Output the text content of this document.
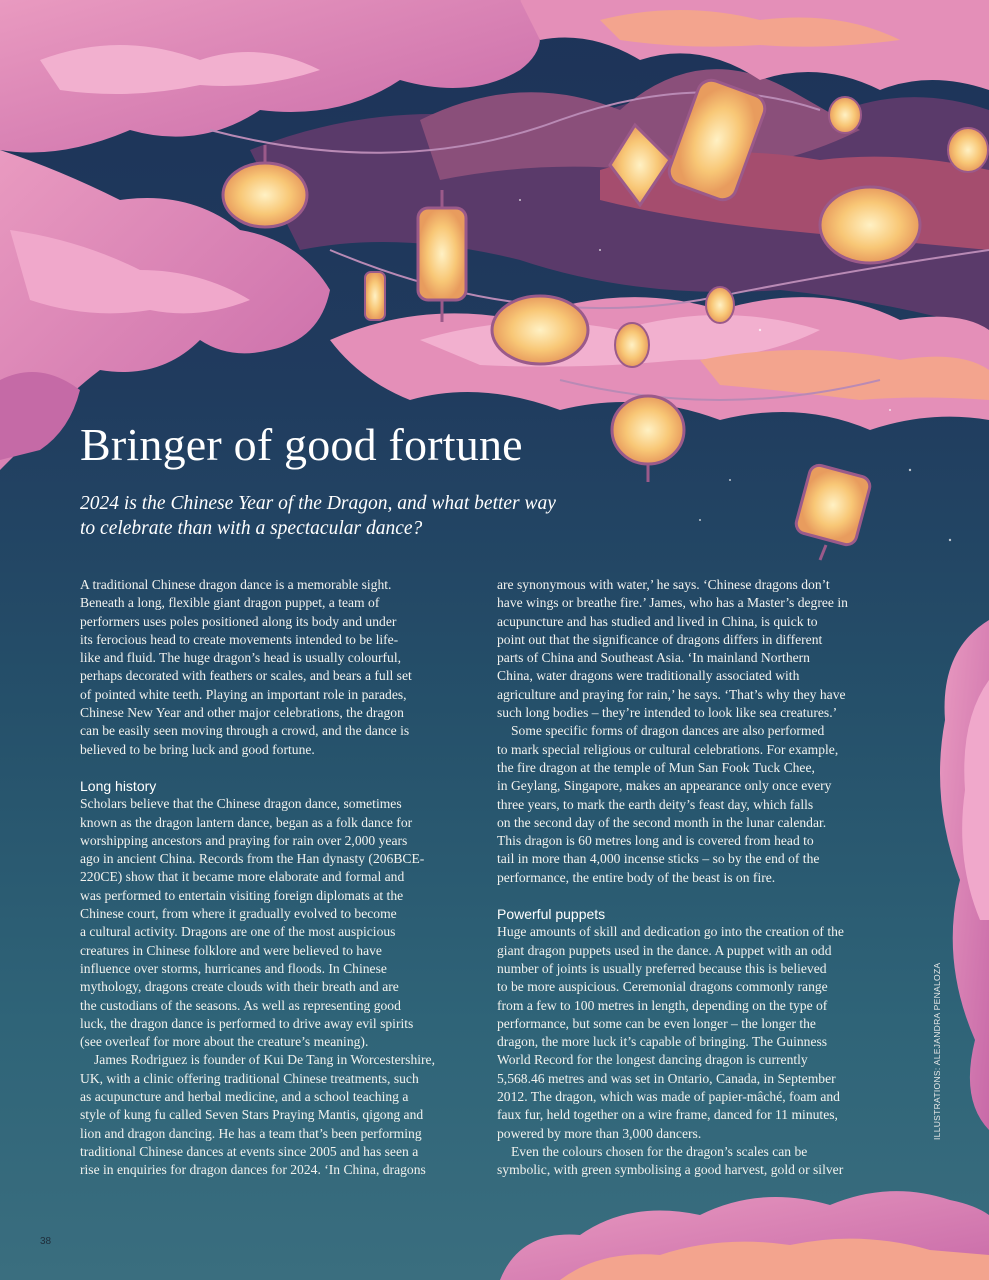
Bringer of good fortune

2024 is the Chinese Year of the Dragon, and what better way
to celebrate than with a spectacular dance?

A traditional Chinese dragon dance is a memorable sight.
Beneath a long, flexible giant dragon puppet, a team of
performers uses poles positioned along its body and under
its ferocious head to create movements intended to be life-
like and fluid. The huge dragon’s head is usually colourful,
perhaps decorated with feathers or scales, and bears a full set
of pointed white teeth. Playing an important role in parades,
Chinese New Year and other major celebrations, the dragon
can be easily seen moving through a crowd, and the dance is
believed to be bring luck and good fortune.

Long history

Scholars believe that the Chinese dragon dance, sometimes
known as the dragon lantern dance, began as a folk dance for
worshipping ancestors and praying for rain over 2,000 years
ago in ancient China. Records from the Han dynasty (206BCE-
220CE) show that it became more elaborate and formal and
was performed to entertain visiting foreign diplomats at the
Chinese court, from where it gradually evolved to become
a cultural activity. Dragons are one of the most auspicious
creatures in Chinese folklore and were believed to have
influence over storms, hurricanes and floods. In Chinese
mythology, dragons create clouds with their breath and are
the custodians of the seasons. As well as representing good
luck, the dragon dance is performed to drive away evil spirits
(see overleaf for more about the creature’s meaning).

James Rodriguez is founder of Kui De Tang in Worcestershire,
UK, with a clinic offering traditional Chinese treatments, such
as acupuncture and herbal medicine, and a school teaching a
style of kung fu called Seven Stars Praying Mantis, qigong and
lion and dragon dancing. He has a team that’s been performing
traditional Chinese dances at events since 2005 and has seen a
rise in enquiries for dragon dances for 2024. ‘In China, dragons

are synonymous with water,’ he says. ‘Chinese dragons don’t
have wings or breathe fire.’ James, who has a Master’s degree in
acupuncture and has studied and lived in China, is quick to
point out that the significance of dragons differs in different
parts of China and Southeast Asia. ‘In mainland Northern
China, water dragons were traditionally associated with
agriculture and praying for rain,’ he says. ‘That’s why they have
such long bodies – they’re intended to look like sea creatures.’

Some specific forms of dragon dances are also performed
to mark special religious or cultural celebrations. For example,
the fire dragon at the temple of Mun San Fook Tuck Chee,
in Geylang, Singapore, makes an appearance only once every
three years, to mark the earth deity’s feast day, which falls
on the second day of the second month in the lunar calendar.
This dragon is 60 metres long and is covered from head to
tail in more than 4,000 incense sticks – so by the end of the
performance, the entire body of the beast is on fire.

Powerful puppets

Huge amounts of skill and dedication go into the creation of the
giant dragon puppets used in the dance. A puppet with an odd
number of joints is usually preferred because this is believed
to be more auspicious. Ceremonial dragons commonly range
from a few to 100 metres in length, depending on the type of
performance, but some can be even longer – the longer the
dragon, the more luck it’s capable of bringing. The Guinness
World Record for the longest dancing dragon is currently
5,568.46 metres and was set in Ontario, Canada, in September
2012. The dragon, which was made of papier-mâché, foam and
faux fur, held together on a wire frame, danced for 11 minutes,
powered by more than 3,000 dancers.

Even the colours chosen for the dragon’s scales can be
symbolic, with green symbolising a good harvest, gold or silver

ILLUSTRATIONS: ALEJANDRA PENALOZA
38
